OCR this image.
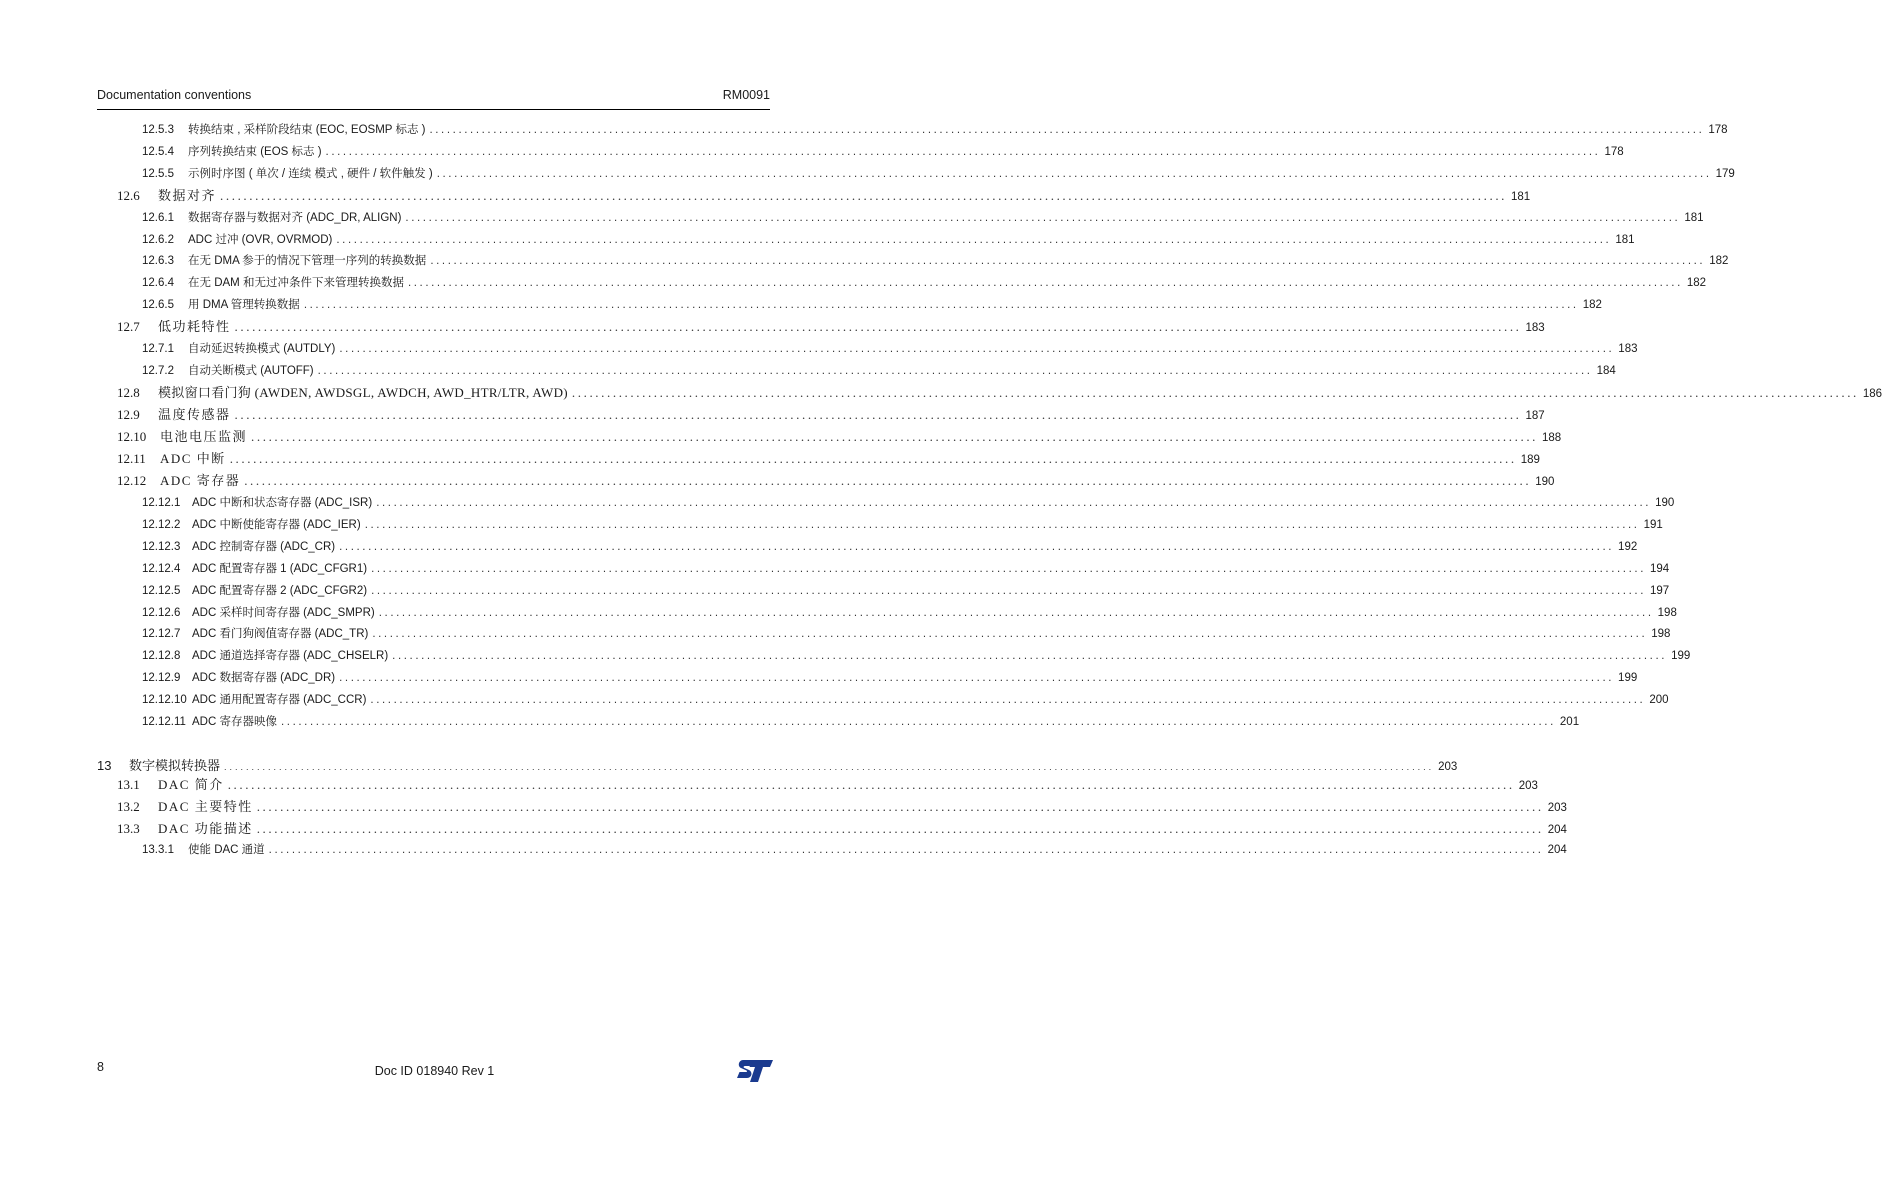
Documentation conventions	RM0091
12.5.3	转换结束 , 采样阶段结束 (EOC, EOSMP 标志 ) .....	178
12.5.4	序列转换结束 (EOS 标志 ) .....	178
12.5.5	示例时序图 ( 单次 / 连续 模式 , 硬件 / 软件触发 ) .....	179
12.6	数据对齐 .....	181
12.6.1	数据寄存器与数据对齐 (ADC_DR, ALIGN) .....	181
12.6.2	ADC 过冲 (OVR, OVRMOD) .....	181
12.6.3	在无 DMA 参于的情况下管理一序列的转换数据 .....	182
12.6.4	在无 DAM 和无过冲条件下来管理转换数据 .....	182
12.6.5	用 DMA 管理转换数据 .....	182
12.7	低功耗特性 .....	183
12.7.1	自动延迟转换模式 (AUTDLY) .....	183
12.7.2	自动关断模式 (AUTOFF) .....	184
12.8	模拟窗口看门狗 (AWDEN, AWDSGL, AWDCH, AWD_HTR/LTR, AWD) .....	186
12.9	温度传感器 .....	187
12.10	电池电压监测 .....	188
12.11	ADC 中断 .....	189
12.12	ADC 寄存器 .....	190
12.12.1	ADC 中断和状态寄存器 (ADC_ISR) .....	190
12.12.2	ADC 中断使能寄存器 (ADC_IER) .....	191
12.12.3	ADC 控制寄存器 (ADC_CR) .....	192
12.12.4	ADC 配置寄存器 1 (ADC_CFGR1) .....	194
12.12.5	ADC 配置寄存器 2 (ADC_CFGR2) .....	197
12.12.6	ADC 采样时间寄存器 (ADC_SMPR) .....	198
12.12.7	ADC 看门狗阀值寄存器 (ADC_TR) .....	198
12.12.8	ADC 通道选择寄存器 (ADC_CHSELR) .....	199
12.12.9	ADC 数据寄存器 (ADC_DR) .....	199
12.12.10 ADC 通用配置寄存器 (ADC_CCR) .....	200
12.12.11 ADC 寄存器映像 .....	201
13	数字模拟转换器 .....	203
13.1	DAC 简介 .....	203
13.2	DAC 主要特性 .....	203
13.3	DAC 功能描述 .....	204
13.3.1	使能 DAC 通道 .....	204
8	Doc ID 018940 Rev 1
